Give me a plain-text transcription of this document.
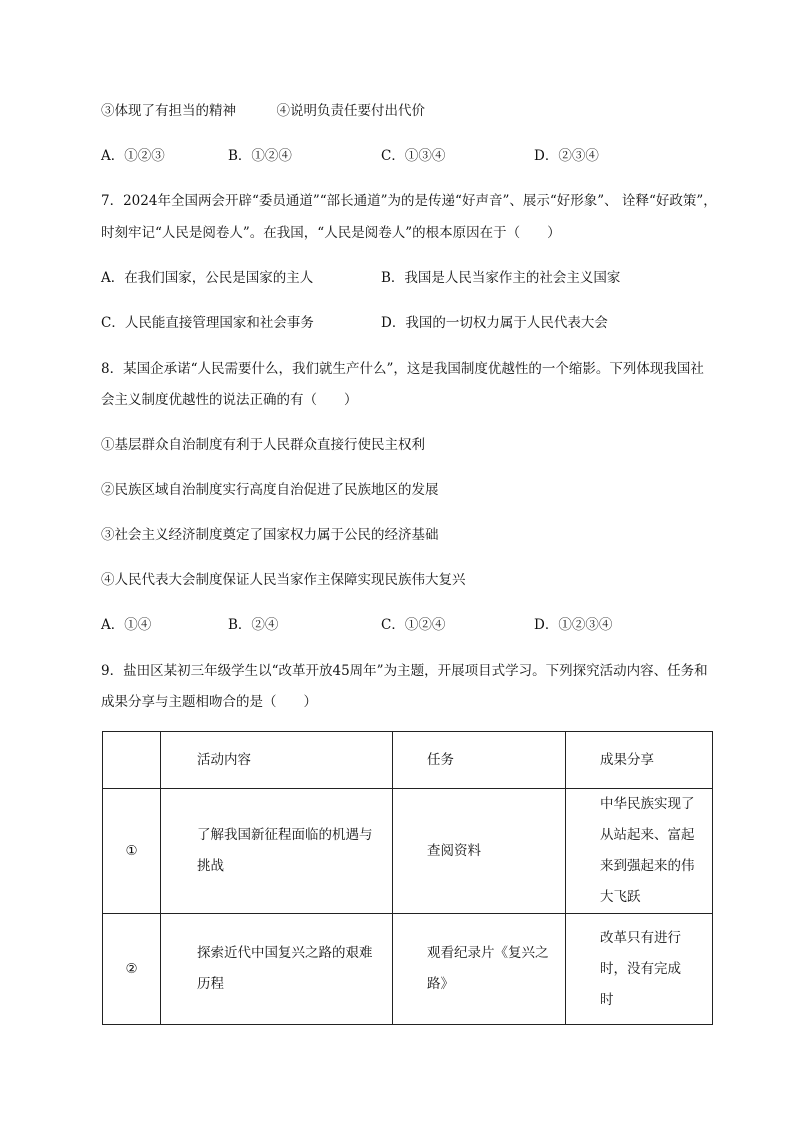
③体现了有担当的精神　　　④说明负责任要付出代价
A．①②③	B．①②④	C．①③④	D．②③④
7．2024年全国两会开辟“委员通道”“部长通道”为的是传递“好声音”、展示“好形象”、 诠释“好政策”，
时刻牢记“人民是阅卷人”。在我国，“人民是阅卷人”的根本原因在于（　　）
A．在我们国家，公民是国家的主人	B．我国是人民当家作主的社会主义国家
C．人民能直接管理国家和社会事务	D．我国的一切权力属于人民代表大会
8．某国企承诺“人民需要什么，我们就生产什么”，这是我国制度优越性的一个缩影。下列体现我国社
会主义制度优越性的说法正确的有（　　）
①基层群众自治制度有利于人民群众直接行使民主权利
②民族区域自治制度实行高度自治促进了民族地区的发展
③社会主义经济制度奠定了国家权力属于公民的经济基础
④人民代表大会制度保证人民当家作主保障实现民族伟大复兴
A．①④	B．②④	C．①②④	D．①②③④
9．盐田区某初三年级学生以“改革开放45周年”为主题，开展项目式学习。下列探究活动内容、任务和
成果分享与主题相吻合的是（　　）
	活动内容	任务	成果分享
①	了解我国新征程面临的机遇与挑战	查阅资料	中华民族实现了从站起来、富起来到强起来的伟大飞跃

②	探索近代中国复兴之路的艰难历程	观看纪录片《复兴之路》	改革只有进行时，没有完成时
